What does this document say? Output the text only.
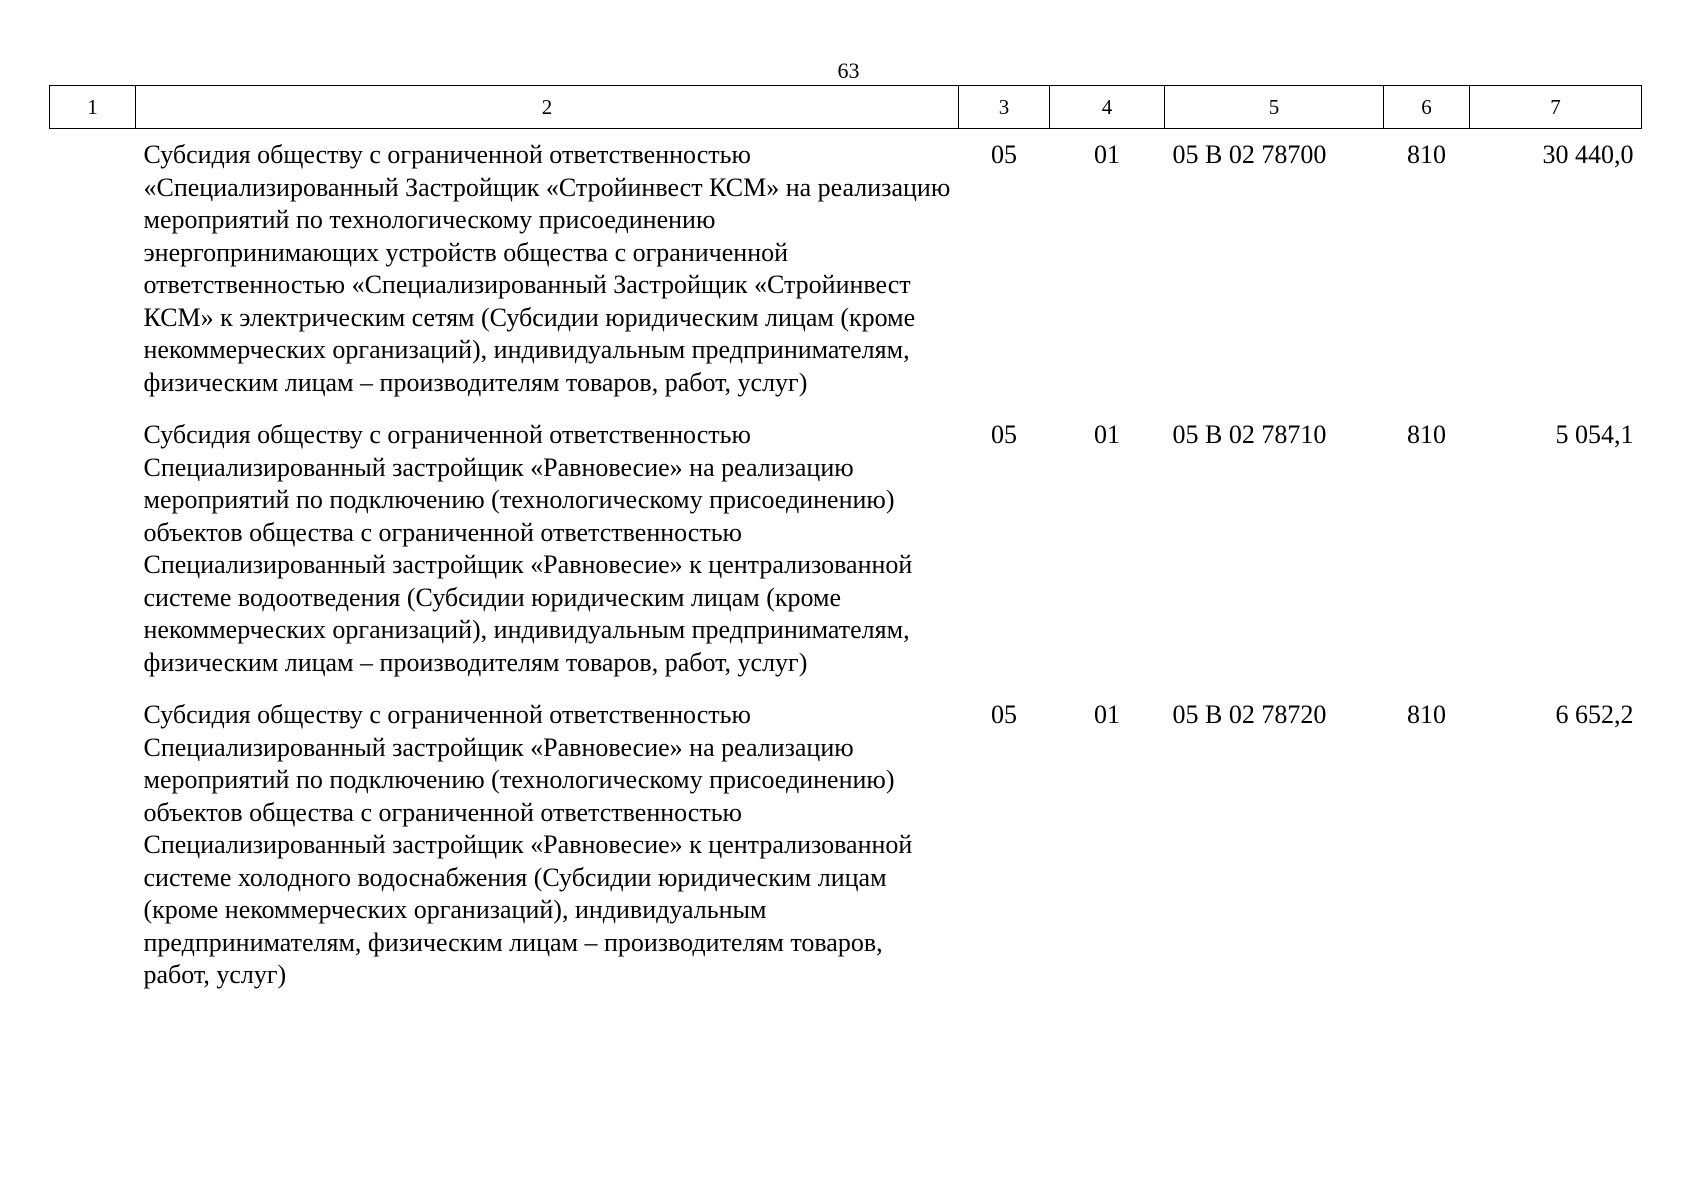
63
1	2	3	4	5	6	7
	Субсидия обществу с ограниченной ответственностью «Специализированный Застройщик «Стройинвест КСМ» на реализацию мероприятий по технологическому присоединению энергопринимающих устройств общества с ограниченной ответственностью «Специализированный Застройщик «Стройинвест КСМ» к электрическим сетям (Субсидии юридическим лицам (кроме некоммерческих организаций), индивидуальным предпринимателям, физическим лицам – производителям товаров, работ, услуг)	05	01	05 В 02 78700	810	30 440,0
	Субсидия обществу с ограниченной ответственностью Специализированный застройщик «Равновесие» на реализацию мероприятий по подключению (технологическому присоединению) объектов общества с ограниченной ответственностью Специализированный застройщик «Равновесие» к централизованной системе водоотведения (Субсидии юридическим лицам (кроме некоммерческих организаций), индивидуальным предпринимателям, физическим лицам – производителям товаров, работ, услуг)	05	01	05 В 02 78710	810	5 054,1
	Субсидия обществу с ограниченной ответственностью Специализированный застройщик «Равновесие» на реализацию мероприятий по подключению (технологическому присоединению) объектов общества с ограниченной ответственностью Специализированный застройщик «Равновесие» к централизованной системе холодного водоснабжения (Субсидии юридическим лицам (кроме некоммерческих организаций), индивидуальным предпринимателям, физическим лицам – производителям товаров, работ, услуг)	05	01	05 В 02 78720	810	6 652,2
